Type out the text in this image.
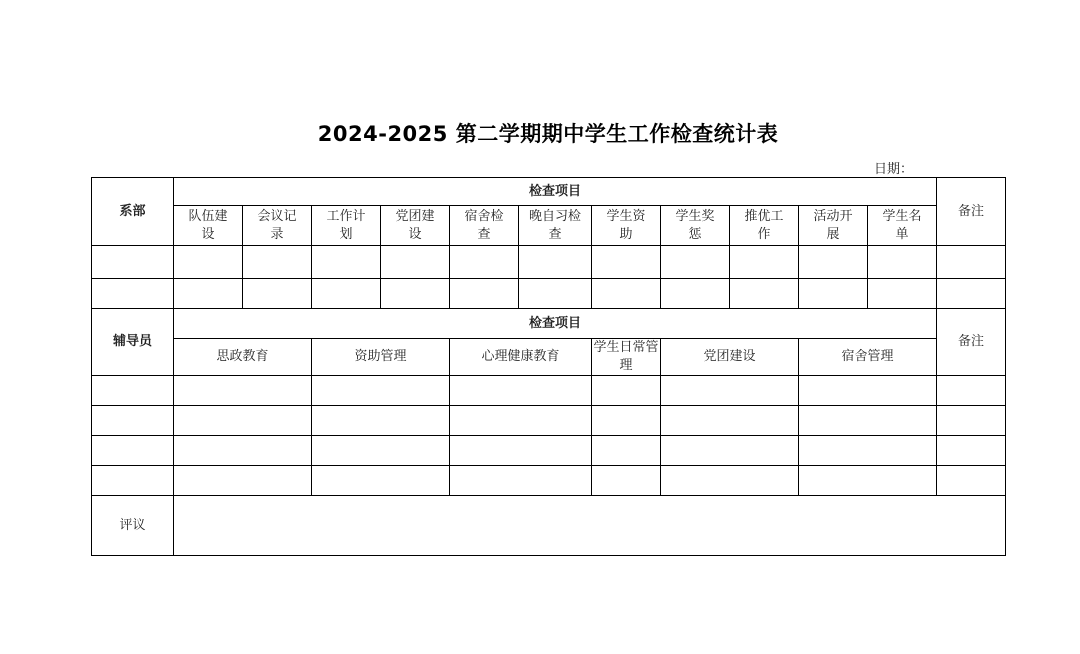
2024-2025 第二学期期中学生工作检查统计表
日期：
系部	检查项目											备注
	队伍建设	会议记录	工作计划	党团建设	宿舍检查	晚自习检查	学生资助	学生奖惩	推优工作	活动开展	学生名单	

辅导员	检查项目											备注
	思政教育		资助管理		心理健康教育		学生日常管理	党团建设		宿舍管理		

评议												
